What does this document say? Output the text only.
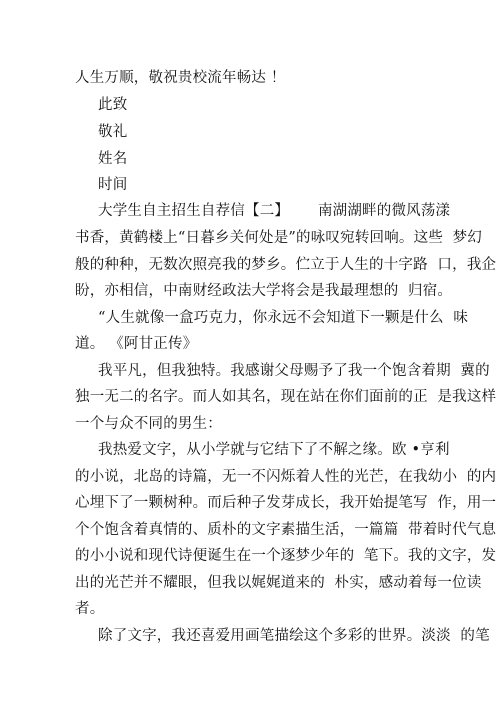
人生万顺，敬祝贵校流年畅达 ！
此致
敬礼
姓名
时间
大学生自主招生自荐信【二】      南湖湖畔的微风荡漾
书香，黄鹤楼上“日暮乡关何处是”的咏叹宛转回响。这些  梦幻
般的种种，无数次照亮我的梦乡。伫立于人生的十字路  口，我企
盼，亦相信，中南财经政法大学将会是我最理想的  归宿。
“人生就像一盒巧克力，你永远不会知道下一颗是什么  味
道。 《阿甘正传》
我平凡，但我独特。我感谢父母赐予了我一个饱含着期  冀的
独一无二的名字。而人如其名，现在站在你们面前的正  是我这样
一个与众不同的男生：
我热爱文字，从小学就与它结下了不解之缘。欧 •亨利
的小说，北岛的诗篇，无一不闪烁着人性的光芒，在我幼小  的内
心埋下了一颗树种。而后种子发芽成长，我开始提笔写  作，用一
个个饱含着真情的、质朴的文字素描生活，一篇篇  带着时代气息
的小小说和现代诗便诞生在一个逐梦少年的  笔下。我的文字，发
出的光芒并不耀眼，但我以娓娓道来的  朴实，感动着每一位读
者。
除了文字，我还喜爱用画笔描绘这个多彩的世界。淡淡  的笔
